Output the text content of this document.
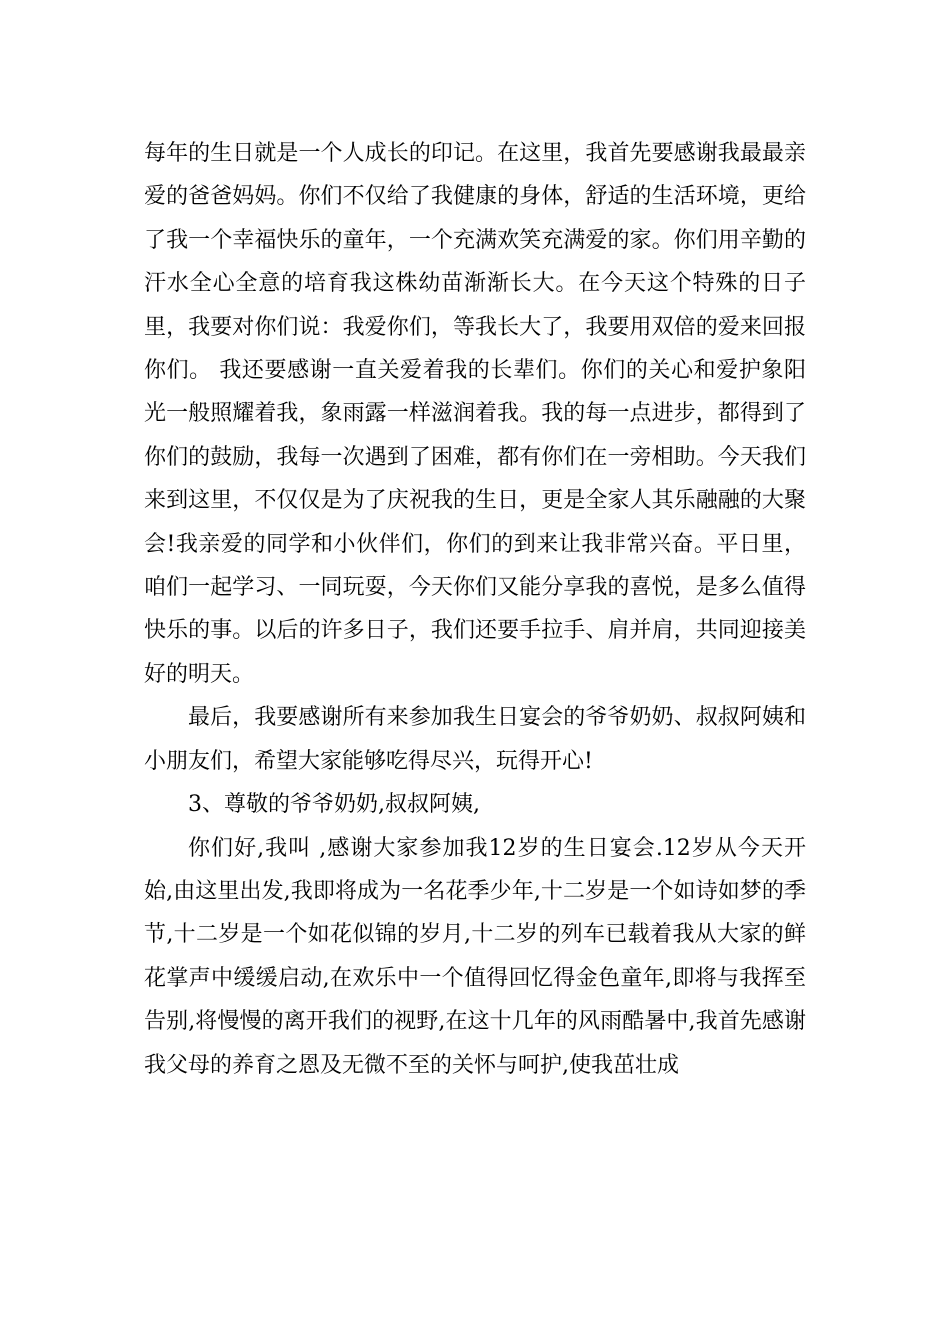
每年的生日就是一个人成长的印记。在这里，我首先要感谢我最最亲爱的爸爸妈妈。你们不仅给了我健康的身体，舒适的生活环境，更给了我一个幸福快乐的童年，一个充满欢笑充满爱的家。你们用辛勤的汗水全心全意的培育我这株幼苗渐渐长大。在今天这个特殊的日子里，我要对你们说：我爱你们，等我长大了，我要用双倍的爱来回报你们。 我还要感谢一直关爱着我的长辈们。你们的关心和爱护象阳光一般照耀着我，象雨露一样滋润着我。我的每一点进步，都得到了你们的鼓励，我每一次遇到了困难，都有你们在一旁相助。今天我们来到这里，不仅仅是为了庆祝我的生日，更是全家人其乐融融的大聚会!我亲爱的同学和小伙伴们，你们的到来让我非常兴奋。平日里，咱们一起学习、一同玩耍，今天你们又能分享我的喜悦，是多么值得快乐的事。以后的许多日子，我们还要手拉手、肩并肩，共同迎接美好的明天。

最后，我要感谢所有来参加我生日宴会的爷爷奶奶、叔叔阿姨和小朋友们，希望大家能够吃得尽兴，玩得开心!

3、尊敬的爷爷奶奶,叔叔阿姨,

你们好,我叫 ,感谢大家参加我12岁的生日宴会.12岁从今天开始,由这里出发,我即将成为一名花季少年,十二岁是一个如诗如梦的季节,十二岁是一个如花似锦的岁月,十二岁的列车已载着我从大家的鲜花掌声中缓缓启动,在欢乐中一个值得回忆得金色童年,即将与我挥至告别,将慢慢的离开我们的视野,在这十几年的风雨酷暑中,我首先感谢我父母的养育之恩及无微不至的关怀与呵护,使我茁壮成
